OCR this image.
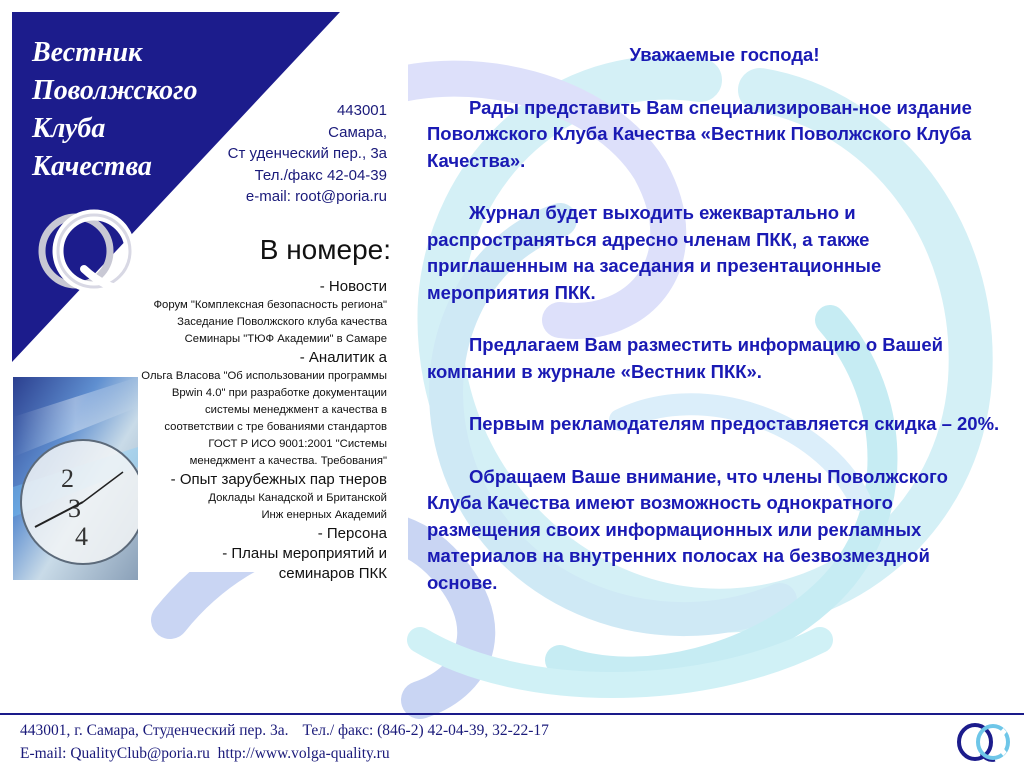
Вестник
Поволжского
Клуба
Качества
443001
Самара,
Ст уденческий пер., 3а
Тел./факс 42-04-39
e-mail: root@poria.ru
В номере:
- Новости
Форум "Комплексная безопасность региона"
Заседание Поволжского клуба качества
Семинары "ТЮФ Академии" в Самаре
- Аналитик а
Ольга Власова "Об использовании программы
Bpwin 4.0" при разработке документации
системы менеджмент а качества в
соответствии с тре бованиями стандартов
ГОСТ Р ИСО 9001:2001 "Системы
менеджмент а качества. Требования"
- Опыт зарубежных пар тнеров
Доклады Канадской и Британской
Инж енерных Академий
- Персона
- Планы мероприятий и
семинаров ПКК
2
3
4
Уважаемые господа!
Рады представить Вам специализирован-ное издание Поволжского Клуба Качества «Вестник Поволжского Клуба Качества».
Журнал будет выходить ежеквартально и распространяться адресно членам ПКК, а также приглашенным на заседания и презентационные мероприятия ПКК.
Предлагаем Вам разместить информацию о Вашей компании в журнале «Вестник ПКК».
Первым рекламодателям предоставляется скидка – 20%.
Обращаем Ваше внимание, что члены Поволжского Клуба Качества имеют возможность однократного размещения своих информационных или рекламных материалов на внутренних полосах на безвозмездной основе.
443001, г. Самара, Студенческий пер. 3а. Тел./ факс: (846-2) 42-04-39, 32-22-17
E-mail: QualityClub@poria.ru http://www.volga-quality.ru
